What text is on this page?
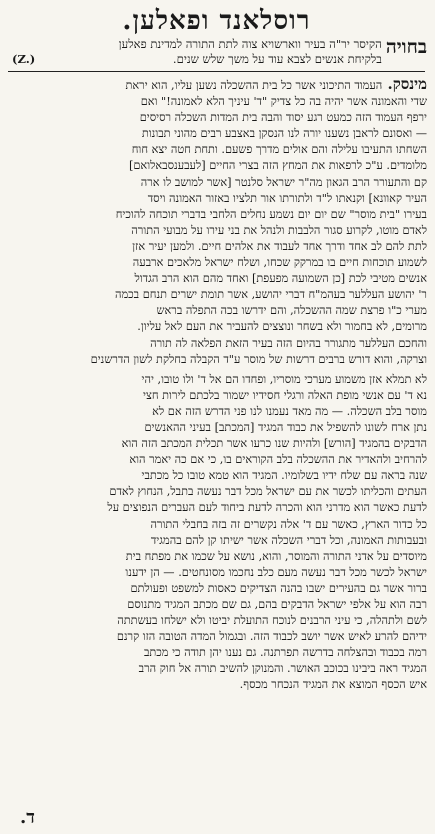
רוסלאנד ופאלען.
בחויה
הקיסר יר"ה בעיר ווארשויא צוה לתת התורה למדינת פאלען
בלקיחת אנשים לצבא עוד על משך שלש שנים.
(Z.)
מינסק. העמוד התיכוני אשר כל בית ההשכלה נשען עליו, הוא יראת
שדי והאמונה אשר יהיה בה כל צדיק "ד' עיניך הלא לאמונה!" ואם
ירפף העמוד הזה כמעט רגע יסוד והבה בית המדות השכלה רסיסים
— ואסונם לראבן נשענו יורה לנו הנסקן באצבע רבים מהוני תבונות
השחתו התעיבו עלילה והם אולים מדרך פשעם. ותחת חטה יצא חוח
מלומדים. ע"כ לרפאות את המחץ הזה בצרי החיים [לעבענסבאלואם]
קם והתעורר הרב הגאון מה"ר ישראל סלנטר [אשר למושב לו ארה
העיר קאוונא] וקנאתו ל"ד ולתורתו אור תלציו באזור האמונה ויסד
בעירו "בית מוסר" שם יום יום נשמע נחלים הלחבי בדברי תוכחה להוכיח
לאדם מוטו, לקרוע סגור הלבבות ולנהל את בני עירו על מבועי התורה
לתת להם לב אחד ודרך אחד לעבוד את אלהים חיים. ולמען יעיר אזן
לשמוע תוכחות חיים בו במרקק שכחו, ושלח ישראל מלאכים ארבעה
אנשים מטיבי לכת [כן השמועה מפעפת] ואחד מהם הוא הרב הגדול
ר' יהושע העללער בעהמ"ח דברי יהושע, אשר תומת ישרים תנחם בכמה
מערי כ"ו פרצת שמה ההשכלה, והם ידרשו בכה התפלה בראש
מרומים, לא בחמור ולא בשחר ונוצצים להעביר את העם לאל עליון.
והחכם העללער מתגורר בהיום הזה בעיר הזאת הפלאה לה תורה
וצרקה, והוא דורש ברבים דרשות של מוסר ע"ד הקבלה בחלקת לשון הדרשנים
לא תמלא אזן משמוע מערכי מוסריו, ופחדו הם אל ד' ולו טובו, יהי
נא ד' עם אנשי מופת האלה ורגלי חסידיו ישמור בלכתם לירות חצי
מוסר בלב השכלה. — מה מאד נעמנו לנו פני הדרש הזה אם לא
נתן ארח לשונו להשפיל את כבוד המגיד [המכתב] בעיני ההאנשים
הדבקים בהמגיד [הורש] ולהיות שנו כרעו אשר תכלית המכתב הזה הוא
להרחיב ולהאדיר את ההשכלה בלב הקוראים בו, כי אם כה יאמר הוא
שנה בראה עם שלח ידיו בשלומיו. המגיד הוא טמא טובו כל מכתבי
העתים והכליתו לכשר את עם ישראל מכל דבר נעשה בתבל, הנחוץ לאדם
לדעת כאשר הוא מדרני הוא והכרה לדעת ביחוד לעם העברים הנפוצים על
כל כדור הארץ, כאשר עם ד' אלה נקשרים זה בזה בחבלי התורה
ובעבותות האמונה, וכל דברי השכלה אשר ישיתו קן להם בהמגיד
מיוסדים על אדני התורה והמוסר, והוא, נושא על שכמו את מפתח בית
ישראל לכשר מכל דבר נעשה מעם כלב נחכמו מסונחטים. — הן ידענו
ברור אשר גם בהעירים ישבו בהנה הצדיקים כאסות למשפט ופעולתם
רבה הוא על אלפי ישראל הדבקים בהם, גם שם מכתב המגיד מתנוסם
לשם ולתהלה, כי עיני הרבנים לנוכח התועלת יביטו ולא ישלחו בעשתתה
ידיהם להרע לאיש אשר יושב לכבוד הזה. ובגמול המדה הטובה הזו קרנם
רמה בכבוד ובהצלחה בדרשה תפרתנה. גם נענו יהן תודה כי מכתב
המגיד ראה ביבינו בכוכב האושר. והמנוקן להשיב תורה אל חוק הרב
איש הכסף המוצא את המגיד הנכחר מכסף.
ד.
